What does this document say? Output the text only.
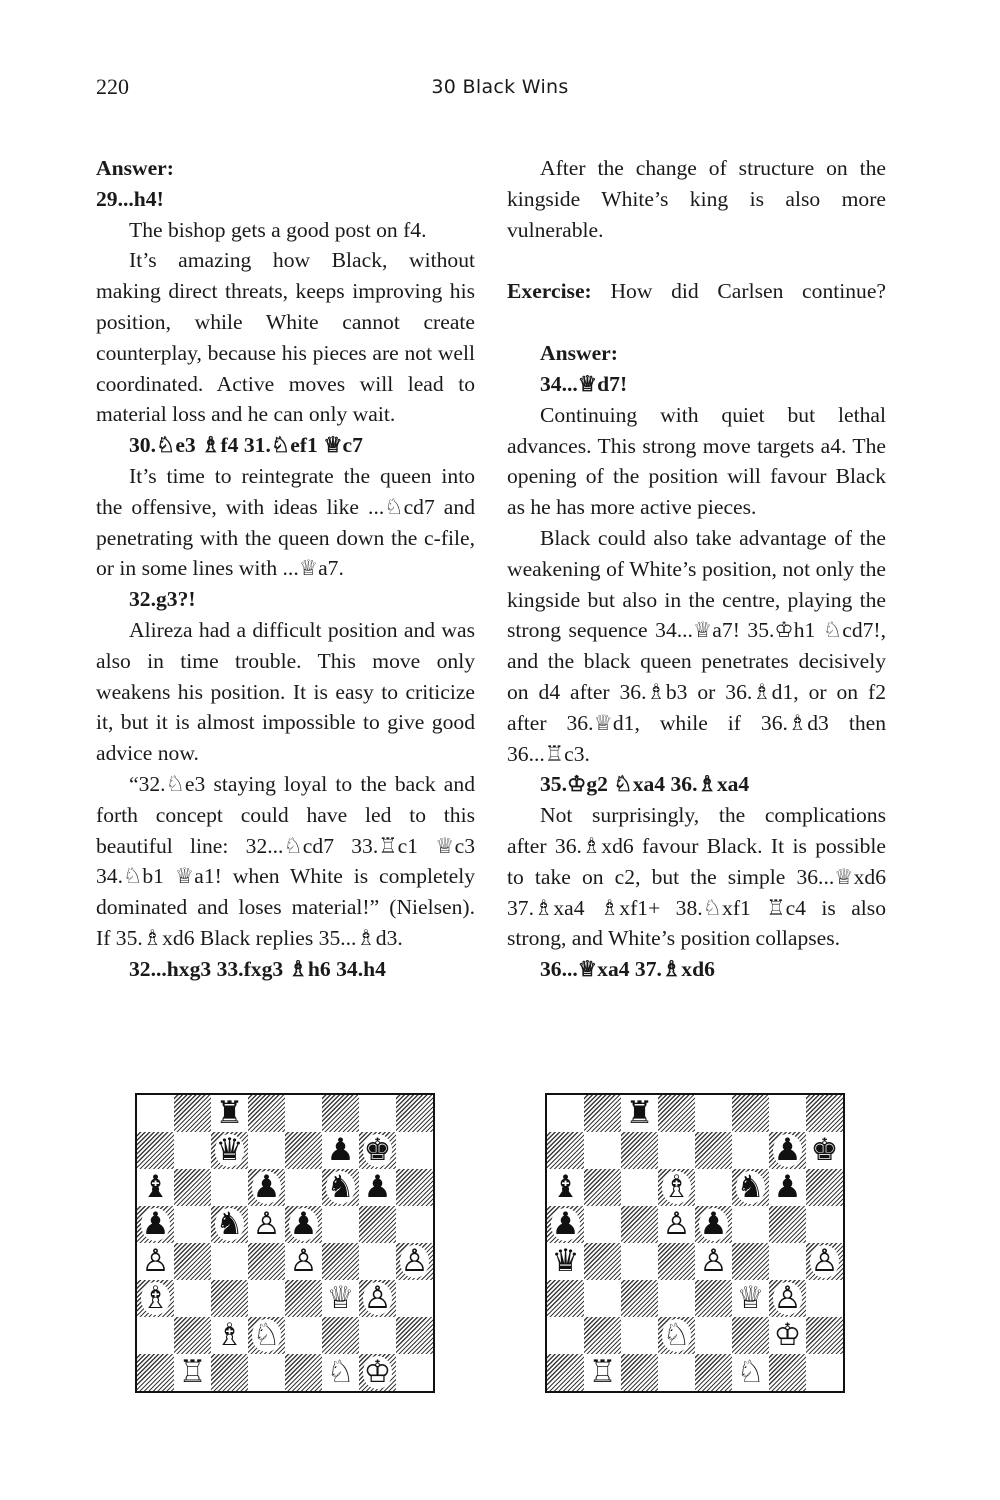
220	30 Black Wins

Answer:

29...h4!

The bishop gets a good post on f4.

It’s amazing how Black, without making direct threats, keeps improving his position, while White cannot create counterplay, because his pieces are not well coordinated. Active moves will lead to material loss and he can only wait.

30.♘e3 ♗f4 31.♘ef1 ♕c7

It’s time to reintegrate the queen into the offensive, with ideas like ...♘cd7 and penetrating with the queen down the c-file, or in some lines with ...♕a7.

32.g3?!

Alireza had a difficult position and was also in time trouble. This move only weakens his position. It is easy to criticize it, but it is almost impossible to give good advice now.

“32.♘e3 staying loyal to the back and forth concept could have led to this beautiful line: 32...♘cd7 33.♖c1 ♕c3 34.♘b1 ♕a1! when White is completely dominated and loses material!” (Nielsen). If 35.♗xd6 Black replies 35...♗d3.

32...hxg3 33.fxg3 ♗h6 34.h4

After the change of structure on the kingside White’s king is also more vulnerable.

Exercise: How did Carlsen continue?

Answer:

34...♕d7!

Continuing with quiet but lethal advances. This strong move targets a4. The opening of the position will favour Black as he has more active pieces.

Black could also take advantage of the weakening of White’s position, not only the kingside but also in the centre, playing the strong sequence 34...♕a7! 35.♔h1 ♘cd7!, and the black queen penetrates decisively on d4 after 36.♗b3 or 36.♗d1, or on f2 after 36.♕d1, while if 36.♗d3 then 36...♖c3.

35.♔g2 ♘xa4 36.♗xa4

Not surprisingly, the complications after 36.♗xd6 favour Black. It is possible to take on c2, but the simple 36...♕xd6 37.♗xa4 ♗xf1+ 38.♘xf1 ♖c4 is also strong, and White’s position collapses.

36...♕xa4 37.♗xd6

♜
♛	♟ ♚
♝	♟ ♞ ♟
♟ ♞ ♙ ♟
♙	♙	♙
♗	♕ ♙
♗ ♘
♖	♘ ♔
♜
♟ ♚
♝	♗ ♞ ♟
♟	♙ ♟
♛	♙	♙
♕ ♙
♘	♔
♖	♘
